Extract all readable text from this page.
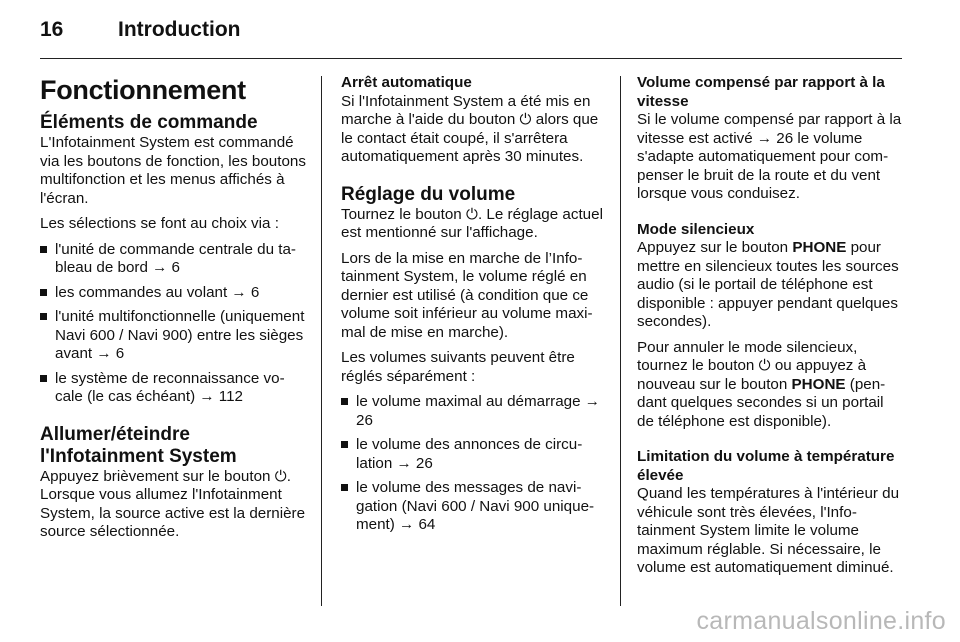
16	Introduction
Fonctionnement
Éléments de commande

L'Infotainment System est commandé via les boutons de fonction, les boutons multifonction et les menus affichés à l'écran.

Les sélections se font au choix via :

l'unité de commande centrale du tableau de bord → 6
les commandes au volant → 6
l'unité multifonctionnelle (uniquement Navi 600 / Navi 900) entre les sièges avant → 6
le système de reconnaissance vocale (le cas échéant) → 112
Allumer/éteindre l'Infotainment System

Appuyez brièvement sur le bouton ⏻. Lorsque vous allumez l'Infotainment System, la source active est la dernière source sélectionnée.

Arrêt automatique

Si l'Infotainment System a été mis en marche à l'aide du bouton ⏻ alors que le contact était coupé, il s'arrêtera automatiquement après 30 minutes.

Réglage du volume

Tournez le bouton ⏻. Le réglage actuel est mentionné sur l'affichage.

Lors de la mise en marche de l’Infotainment System, le volume réglé en dernier est utilisé (à condition que ce volume soit inférieur au volume maximal de mise en marche).

Les volumes suivants peuvent être réglés séparément :

le volume maximal au démarrage → 26
le volume des annonces de circulation → 26
le volume des messages de navigation (Navi 600 / Navi 900 uniquement) → 64
Volume compensé par rapport à la vitesse

Si le volume compensé par rapport à la vitesse est activé → 26 le volume s'adapte automatiquement pour compenser le bruit de la route et du vent lorsque vous conduisez.

Mode silencieux

Appuyez sur le bouton PHONE pour mettre en silencieux toutes les sources audio (si le portail de téléphone est disponible : appuyer pendant quelques secondes).

Pour annuler le mode silencieux, tournez le bouton ⏻ ou appuyez à nouveau sur le bouton PHONE (pendant quelques secondes si un portail de téléphone est disponible).

Limitation du volume à température élevée

Quand les températures à l'intérieur du véhicule sont très élevées, l'Infotainment System limite le volume maximum réglable. Si nécessaire, le volume est automatiquement diminué.

carmanualsonline.info
